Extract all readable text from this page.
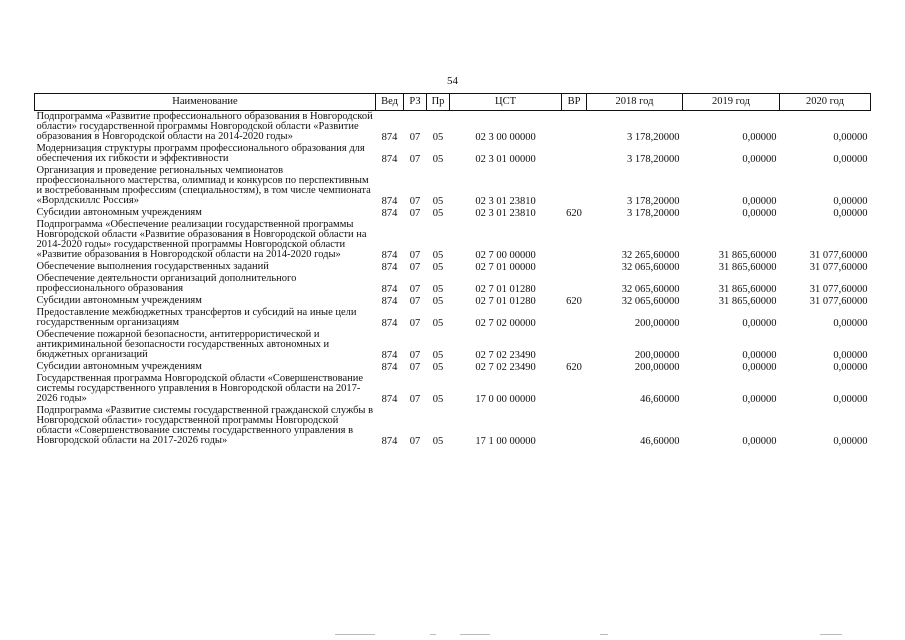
54
Наименование	Вед	РЗ	Пр	ЦСТ	ВР	2018 год	2019 год	2020 год
Подпрограмма «Развитие профессионального образования в Новгородской области» государственной программы Новгородской области «Развитие образования в Новгородской области на 2014-2020 годы»	874	07	05	02 3 00 00000		3 178,20000	0,00000	0,00000
Модернизация структуры программ профессионального образования для обеспечения их гибкости и эффективности	874	07	05	02 3 01 00000		3 178,20000	0,00000	0,00000
Организация и проведение региональных чемпионатов профессионального мастерства, олимпиад и конкурсов по перспективным и востребованным профессиям (специальностям), в том числе чемпионата «Ворлдскиллс Россия»	874	07	05	02 3 01 23810		3 178,20000	0,00000	0,00000
Субсидии автономным учреждениям	874	07	05	02 3 01 23810	620	3 178,20000	0,00000	0,00000
Подпрограмма «Обеспечение реализации государственной программы Новгородской области «Развитие образования в Новгородской области на 2014-2020 годы» государственной программы Новгородской области «Развитие образования в Новгородской области на 2014-2020 годы»	874	07	05	02 7 00 00000		32 265,60000	31 865,60000	31 077,60000
Обеспечение выполнения государственных заданий	874	07	05	02 7 01 00000		32 065,60000	31 865,60000	31 077,60000
Обеспечение деятельности организаций дополнительного профессионального образования	874	07	05	02 7 01 01280		32 065,60000	31 865,60000	31 077,60000
Субсидии автономным учреждениям	874	07	05	02 7 01 01280	620	32 065,60000	31 865,60000	31 077,60000
Предоставление межбюджетных трансфертов и субсидий на иные цели государственным организациям	874	07	05	02 7 02 00000		200,00000	0,00000	0,00000
Обеспечение пожарной безопасности, антитеррористической и антикриминальной безопасности государственных автономных и бюджетных организаций	874	07	05	02 7 02 23490		200,00000	0,00000	0,00000
Субсидии автономным учреждениям	874	07	05	02 7 02 23490	620	200,00000	0,00000	0,00000
Государственная программа Новгородской области «Совершенствование системы государственного управления в Новгородской области на 2017-2026 годы»	874	07	05	17 0 00 00000		46,60000	0,00000	0,00000
Подпрограмма «Развитие системы государственной гражданской службы в Новгородской области» государственной программы Новгородской области «Совершенствование системы государственного управления в Новгородской области на 2017-2026 годы»	874	07	05	17 1 00 00000		46,60000	0,00000	0,00000
